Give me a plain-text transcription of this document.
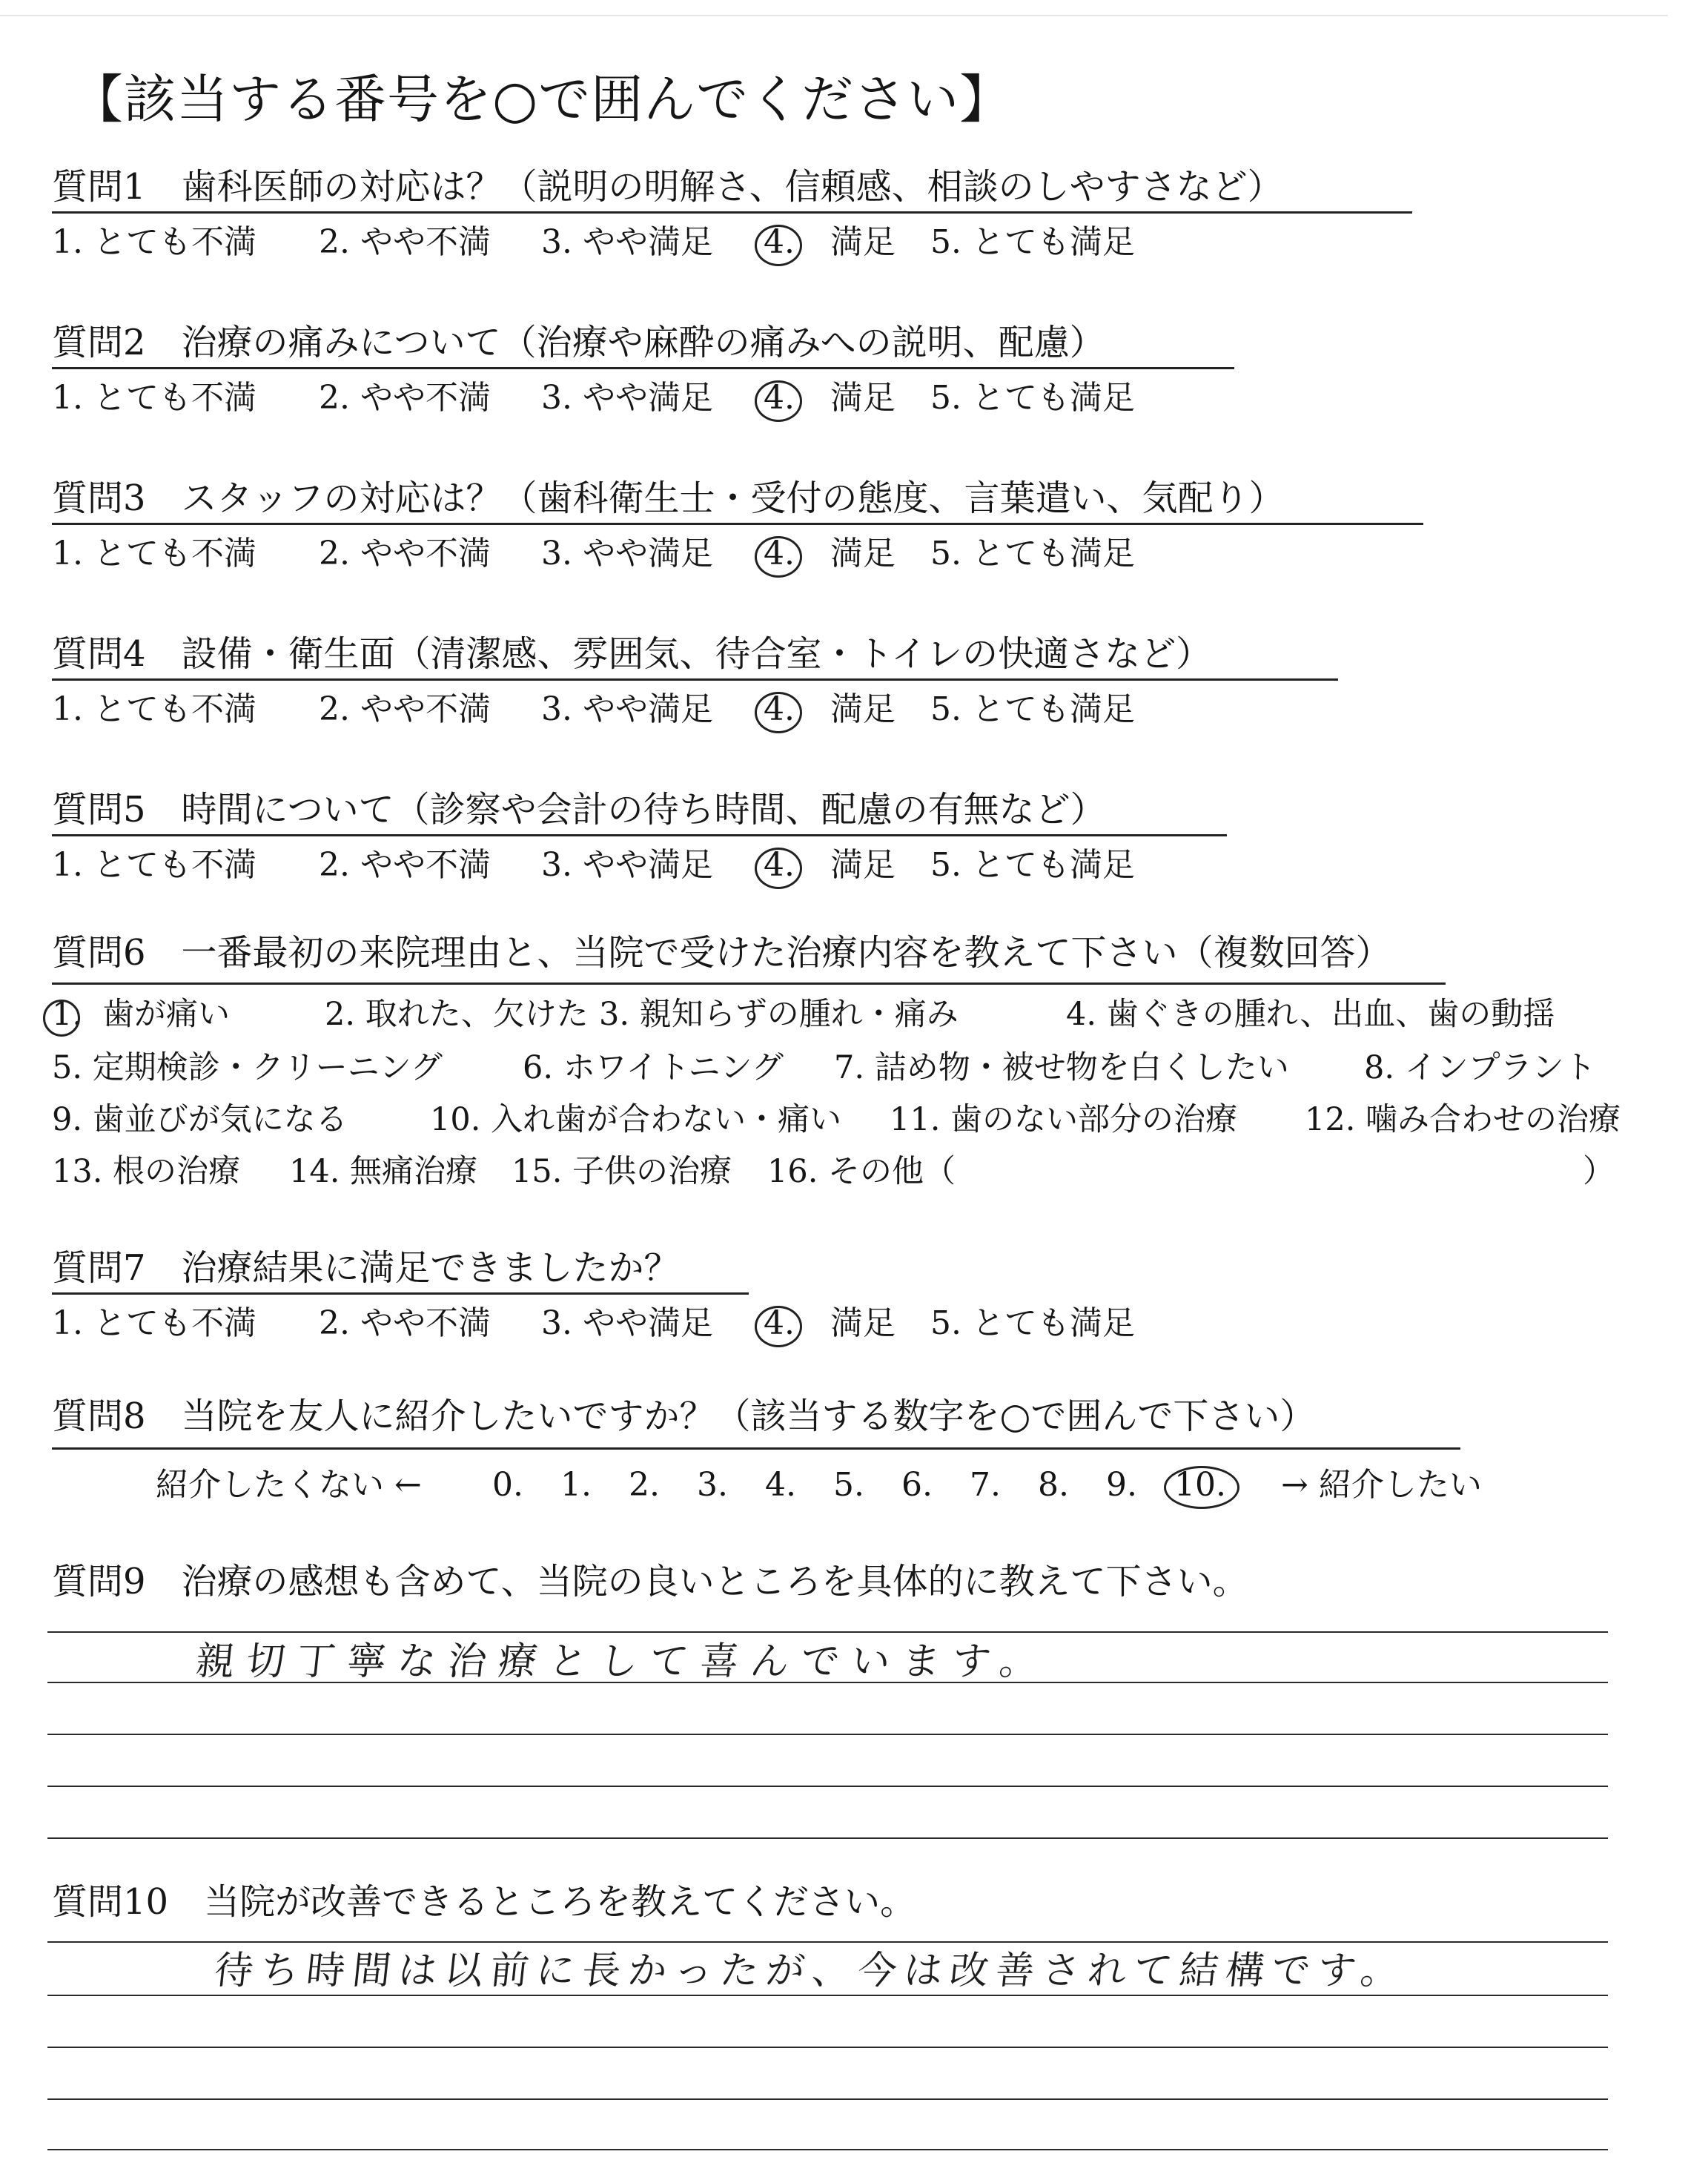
【該当する番号を○で囲んでください】
質問1　歯科医師の対応は？（説明の明解さ、信頼感、相談のしやすさなど）
1. とても不満 2. やや不満 3. やや満足 4. 満足 5. とても満足
質問2　治療の痛みについて（治療や麻酔の痛みへの説明、配慮）
1. とても不満 2. やや不満 3. やや満足 4. 満足 5. とても満足
質問3　スタッフの対応は？（歯科衛生士・受付の態度、言葉遣い、気配り）
1. とても不満 2. やや不満 3. やや満足 4. 満足 5. とても満足
質問4　設備・衛生面（清潔感、雰囲気、待合室・トイレの快適さなど）
1. とても不満 2. やや不満 3. やや満足 4. 満足 5. とても満足
質問5　時間について（診察や会計の待ち時間、配慮の有無など）
1. とても不満 2. やや不満 3. やや満足 4. 満足 5. とても満足
質問7　治療結果に満足できましたか？
1. とても不満 2. やや不満 3. やや満足 4. 満足 5. とても満足
質問6　一番最初の来院理由と、当院で受けた治療内容を教えて下さい（複数回答）
1. 歯が痛い	2. 取れた、欠けた 3. 親知らずの腫れ・痛み	4. 歯ぐきの腫れ、出血、歯の動揺
5. 定期検診・クリーニング	6. ホワイトニング 7. 詰め物・被せ物を白くしたい 8. インプラント
9. 歯並びが気になる	10. 入れ歯が合わない・痛い 11. 歯のない部分の治療 12. 噛み合わせの治療
13. 根の治療 14. 無痛治療 15. 子供の治療 16. その他（	）
質問8　当院を友人に紹介したいですか？（該当する数字を○で囲んで下さい）
紹介したくない ← 0. 1. 2. 3. 4. 5. 6. 7. 8. 9. 10. → 紹介したい
質問9　治療の感想も含めて、当院の良いところを具体的に教えて下さい。
親切丁寧な治療として喜んでいます。
質問10　当院が改善できるところを教えてください。
待ち時間は以前に長かったが、今は改善されて結構です。
